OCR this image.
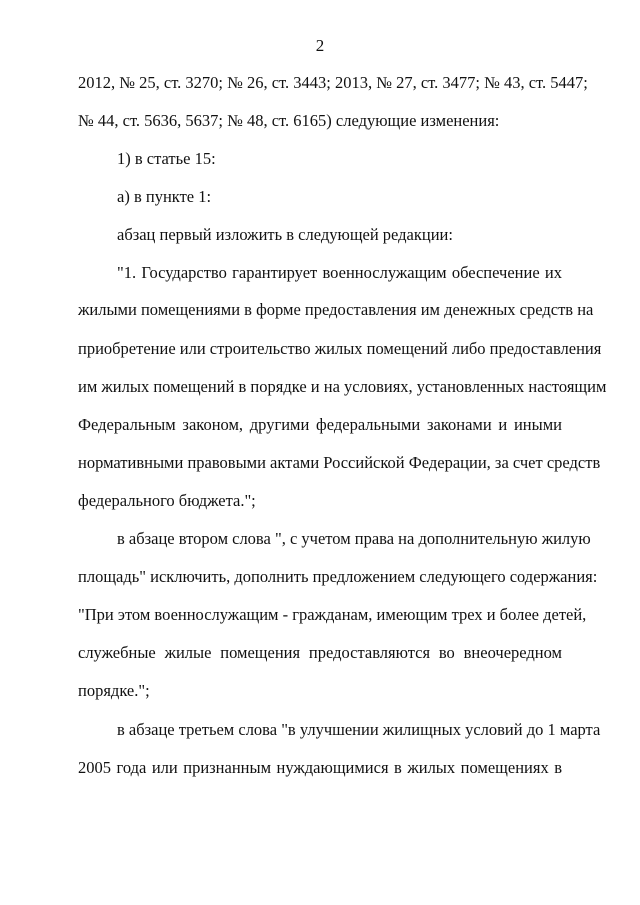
2
2012, № 25, ст. 3270; № 26, ст. 3443; 2013, № 27, ст. 3477; № 43, ст. 5447;
№ 44, ст. 5636, 5637; № 48, ст. 6165) следующие изменения:
1) в статье 15:
а) в пункте 1:
абзац первый изложить в следующей редакции:
"1. Государство гарантирует военнослужащим обеспечение их
жилыми помещениями в форме предоставления им денежных средств на
приобретение или строительство жилых помещений либо предоставления
им жилых помещений в порядке и на условиях, установленных настоящим
Федеральным законом, другими федеральными законами и иными
нормативными правовыми актами Российской Федерации, за счет средств
федерального бюджета.";
в абзаце втором слова ", с учетом права на дополнительную жилую
площадь" исключить, дополнить предложением следующего содержания:
"При этом военнослужащим - гражданам, имеющим трех и более детей,
служебные жилые помещения предоставляются во внеочередном
порядке.";
в абзаце третьем слова "в улучшении жилищных условий до 1 марта
2005 года или признанным нуждающимися в жилых помещениях в
